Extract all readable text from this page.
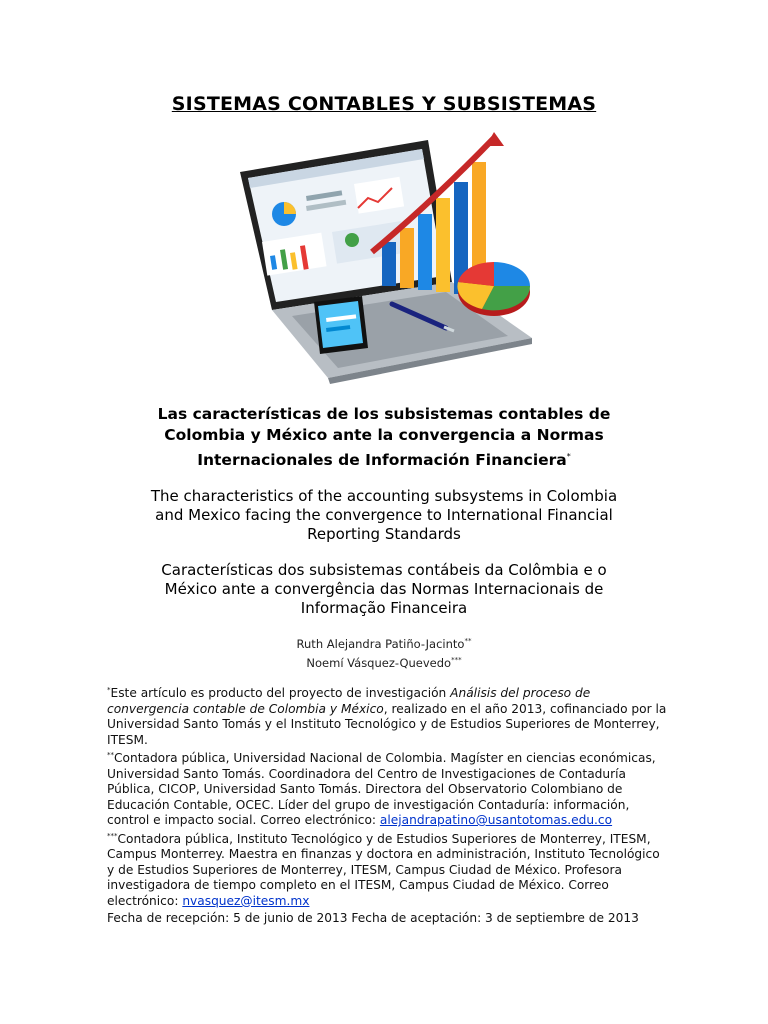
SISTEMAS CONTABLES Y SUBSISTEMAS
Las características de los subsistemas contables de
Colombia y México ante la convergencia a Normas
Internacionales de Información Financiera*
The characteristics of the accounting subsystems in Colombia
and Mexico facing the convergence to International Financial
Reporting Standards
Características dos subsistemas contábeis da Colômbia e o
México ante a convergência das Normas Internacionais de
Informação Financeira
Ruth Alejandra Patiño-Jacinto**
Noemí Vásquez-Quevedo***

*Este artículo es producto del proyecto de investigación Análisis del proceso de convergencia contable de Colombia y México, realizado en el año 2013, cofinanciado por la Universidad Santo Tomás y el Instituto Tecnológico y de Estudios Superiores de Monterrey, ITESM.

**Contadora pública, Universidad Nacional de Colombia. Magíster en ciencias económicas, Universidad Santo Tomás. Coordinadora del Centro de Investigaciones de Contaduría Pública, CICOP, Universidad Santo Tomás. Directora del Observatorio Colombiano de Educación Contable, OCEC. Líder del grupo de investigación Contaduría: información, control e impacto social. Correo electrónico: alejandrapatino@usantotomas.edu.co

***Contadora pública, Instituto Tecnológico y de Estudios Superiores de Monterrey, ITESM, Campus Monterrey. Maestra en finanzas y doctora en administración, Instituto Tecnológico y de Estudios Superiores de Monterrey, ITESM, Campus Ciudad de México. Profesora investigadora de tiempo completo en el ITESM, Campus Ciudad de México. Correo electrónico: nvasquez@itesm.mx

Fecha de recepción: 5 de junio de 2013 Fecha de aceptación: 3 de septiembre de 2013
